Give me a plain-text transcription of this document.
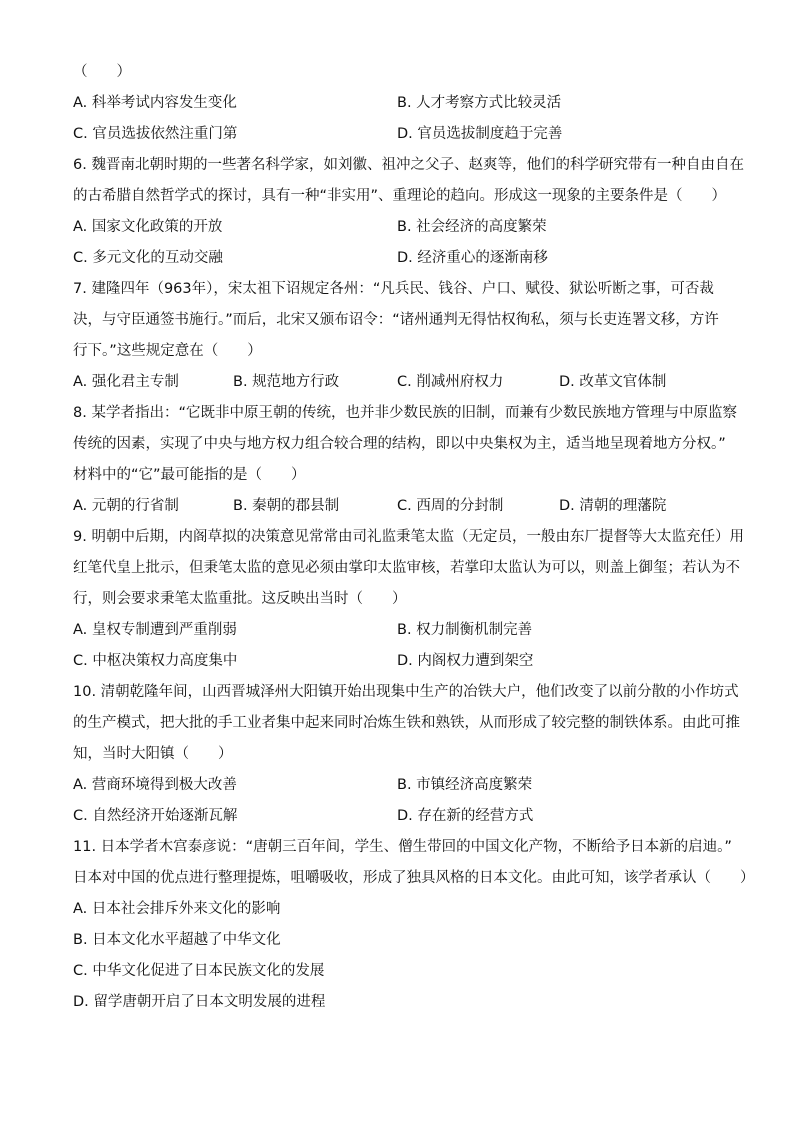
（　　）
A. 科举考试内容发生变化	B. 人才考察方式比较灵活
C. 官员选拔依然注重门第	D. 官员选拔制度趋于完善
6. 魏晋南北朝时期的一些著名科学家，如刘徽、祖冲之父子、赵爽等，他们的科学研究带有一种自由自在
的古希腊自然哲学式的探讨，具有一种“非实用”、重理论的趋向。形成这一现象的主要条件是（　　）
A. 国家文化政策的开放	B. 社会经济的高度繁荣
C. 多元文化的互动交融	D. 经济重心的逐渐南移
7. 建隆四年（963年），宋太祖下诏规定各州：“凡兵民、钱谷、户口、赋役、狱讼听断之事，可否裁
决，与守臣通签书施行。”而后，北宋又颁布诏令：“诸州通判无得怙权徇私，须与长吏连署文移，方许
行下。”这些规定意在（　　）
A. 强化君主专制	B. 规范地方行政	C. 削减州府权力	D. 改革文官体制
8. 某学者指出：“它既非中原王朝的传统，也并非少数民族的旧制，而兼有少数民族地方管理与中原监察
传统的因素，实现了中央与地方权力组合较合理的结构，即以中央集权为主，适当地呈现着地方分权。”
材料中的“它”最可能指的是（　　）
A. 元朝的行省制	B. 秦朝的郡县制	C. 西周的分封制	D. 清朝的理藩院
9. 明朝中后期，内阁草拟的决策意见常常由司礼监秉笔太监（无定员，一般由东厂提督等大太监充任）用
红笔代皇上批示，但秉笔太监的意见必须由掌印太监审核，若掌印太监认为可以，则盖上御玺；若认为不
行，则会要求秉笔太监重批。这反映出当时（　　）
A. 皇权专制遭到严重削弱	B. 权力制衡机制完善
C. 中枢决策权力高度集中	D. 内阁权力遭到架空
10. 清朝乾隆年间，山西晋城泽州大阳镇开始出现集中生产的冶铁大户，他们改变了以前分散的小作坊式
的生产模式，把大批的手工业者集中起来同时冶炼生铁和熟铁，从而形成了较完整的制铁体系。由此可推
知，当时大阳镇（　　）
A. 营商环境得到极大改善	B. 市镇经济高度繁荣
C. 自然经济开始逐渐瓦解	D. 存在新的经营方式
11. 日本学者木宫泰彦说：“唐朝三百年间，学生、僧生带回的中国文化产物，不断给予日本新的启迪。”
日本对中国的优点进行整理提炼，咀嚼吸收，形成了独具风格的日本文化。由此可知，该学者承认（　　）
A. 日本社会排斥外来文化的影响
B. 日本文化水平超越了中华文化
C. 中华文化促进了日本民族文化的发展
D. 留学唐朝开启了日本文明发展的进程
